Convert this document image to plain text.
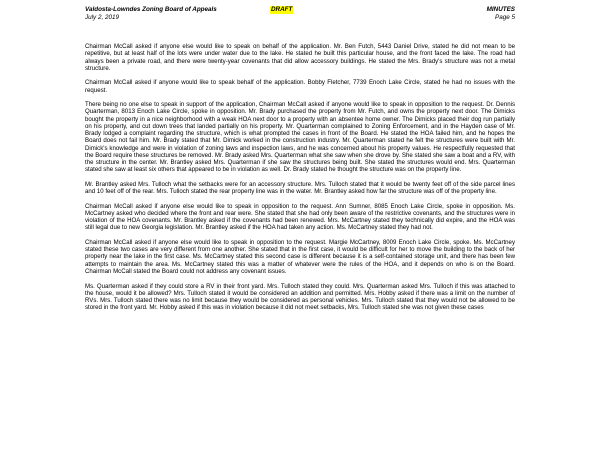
Valdosta-Lowndes Zoning Board of Appeals
July 2, 2019
DRAFT	MINUTES
Page 5

Chairman McCall asked if anyone else would like to speak on behalf of the application. Mr. Ben Futch, 5443 Daniel Drive, stated he did not mean to be repetitive, but at least half of the lots were under water due to the lake. He stated he built this particular house, and the front faced the lake. The road had always been a private road, and there were twenty-year covenants that did allow accessory buildings. He stated the Mrs. Brady's structure was not a metal structure.

Chairman McCall asked if anyone would like to speak behalf of the application. Bobby Fletcher, 7739 Enoch Lake Circle, stated he had no issues with the request.

There being no one else to speak in support of the application, Chairman McCall asked if anyone would like to speak in opposition to the request. Dr. Dennis Quarterman, 8013 Enoch Lake Circle, spoke in opposition. Mr. Brady purchased the property from Mr. Futch, and owns the property next door. The Dimicks bought the property in a nice neighborhood with a weak HOA next door to a property with an absentee home owner. The Dimicks placed their dog run partially on his property, and cut down trees that landed partially on his property. Mr. Quarterman complained to Zoning Enforcement, and in the Hayden case of Mr. Brady lodged a complaint regarding the structure, which is what prompted the cases in front of the Board. He stated the HOA failed him, and he hopes the Board does not fail him. Mr. Brady stated that Mr. Dimick worked in the construction industry. Mr. Quarterman stated he felt the structures were built with Mr. Dimick's knowledge and were in violation of zoning laws and inspection laws, and he was concerned about his property values. He respectfully requested that the Board require these structures be removed. Mr. Brady asked Mrs. Quarterman what she saw when she drove by. She stated she saw a boat and a RV, with the structure in the center. Mr. Brantley asked Mrs. Quarterman if she saw the structures being built. She stated the structures would end. Mrs. Quarterman stated she saw at least six others that appeared to be in violation as well. Dr. Brady stated he thought the structure was on the property line.

Mr. Brantley asked Mrs. Tulloch what the setbacks were for an accessory structure. Mrs. Tulloch stated that it would be twenty feet off of the side parcel lines and 10 feet off of the rear. Mrs. Tulloch stated the rear property line was in the water. Mr. Brantley asked how far the structure was off of the property line.

Chairman McCall asked if anyone else would like to speak in opposition to the request. Ann Sumner, 8085 Enoch Lake Circle, spoke in opposition. Ms. McCartney asked who decided where the front and rear were. She stated that she had only been aware of the restrictive covenants, and the structures were in violation of the HOA covenants. Mr. Brantley asked if the covenants had been renewed. Mrs. McCartney stated they technically did expire, and the HOA was still legal due to new Georgia legislation. Mr. Brantley asked if the HOA had taken any action. Ms. McCartney stated they had not.

Chairman McCall asked if anyone else would like to speak in opposition to the request. Margie McCartney, 8009 Enoch Lake Circle, spoke. Ms. McCartney stated these two cases are very different from one another. She stated that in the first case, it would be difficult for her to move the building to the back of her property near the lake in the first case. Ms. McCartney stated this second case is different because it is a self-contained storage unit, and there has been few attempts to maintain the area. Ms. McCartney stated this was a matter of whatever were the rules of the HOA, and it depends on who is on the Board. Chairman McCall stated the Board could not address any covenant issues.

Ms. Quarterman asked if they could store a RV in their front yard. Mrs. Tulloch stated they could. Mrs. Quarterman asked Mrs. Tulloch if this was attached to the house, would it be allowed? Mrs. Tulloch stated it would be considered an addition and permitted. Mrs. Hobby asked if there was a limit on the number of RVs. Mrs. Tulloch stated there was no limit because they would be considered as personal vehicles. Mrs. Tulloch stated that they would not be allowed to be stored in the front yard. Mr. Hobby asked if this was in violation because it did not meet setbacks, Mrs. Tulloch stated she was not given these cases
